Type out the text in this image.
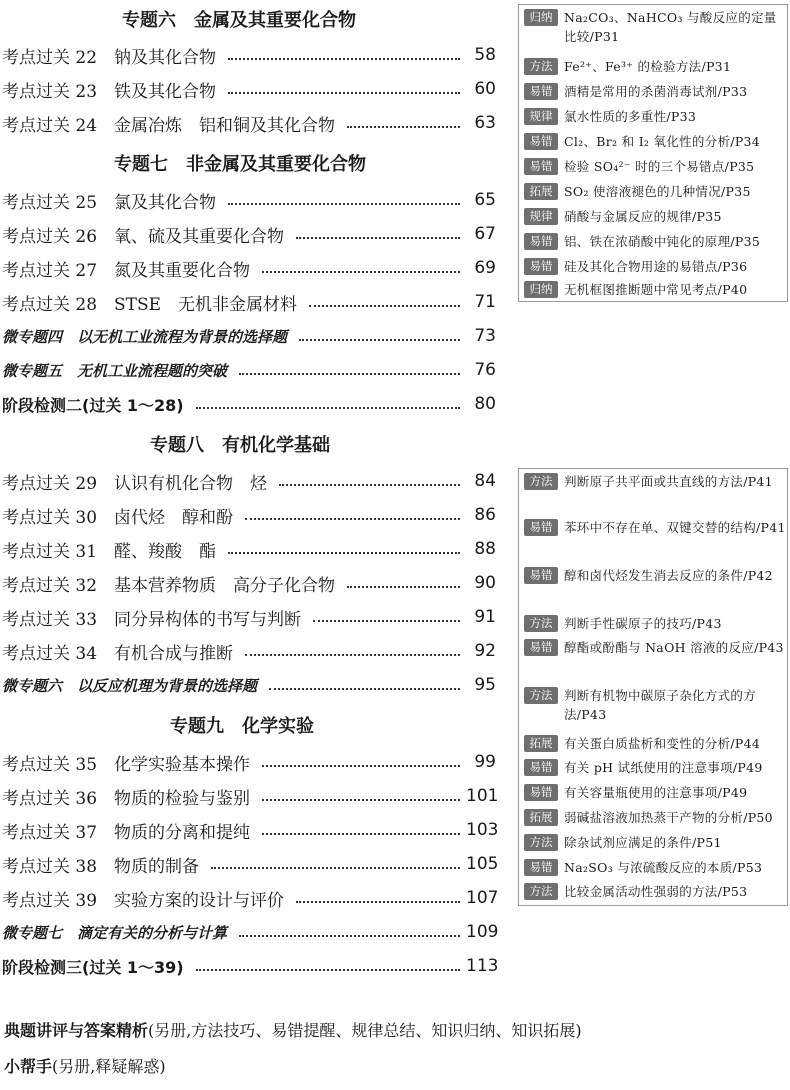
专题六　金属及其重要化合物
专题七　非金属及其重要化合物
专题八　有机化学基础
专题九　化学实验
考点过关 22 钠及其化合物	58
考点过关 23 铁及其化合物	60
考点过关 24 金属冶炼　铝和铜及其化合物	63
考点过关 25 氯及其化合物	65
考点过关 26 氧、硫及其重要化合物	67
考点过关 27 氮及其重要化合物	69
考点过关 28 STSE　无机非金属材料	71
微专题四　以无机工业流程为背景的选择题	73
微专题五　无机工业流程题的突破	76
阶段检测二(过关 1～28)	80
考点过关 29 认识有机化合物　烃	84
考点过关 30 卤代烃　醇和酚	86
考点过关 31 醛、羧酸　酯	88
考点过关 32 基本营养物质　高分子化合物	90
考点过关 33 同分异构体的书写与判断	91
考点过关 34 有机合成与推断	92
微专题六　以反应机理为背景的选择题	95
考点过关 35 化学实验基本操作	99
考点过关 36 物质的检验与鉴别	101
考点过关 37 物质的分离和提纯	103
考点过关 38 物质的制备	105
考点过关 39 实验方案的设计与评价	107
微专题七　滴定有关的分析与计算	109
阶段检测三(过关 1～39)	113
归纳 Na₂CO₃、NaHCO₃ 与酸反应的定量比较/P31
方法 Fe²⁺、Fe³⁺ 的检验方法/P31
易错 酒精是常用的杀菌消毒试剂/P33
规律 氯水性质的多重性/P33
易错 Cl₂、Br₂ 和 I₂ 氧化性的分析/P34
易错 检验 SO₄²⁻ 时的三个易错点/P35
拓展 SO₂ 使溶液褪色的几种情况/P35
规律 硝酸与金属反应的规律/P35
易错 铝、铁在浓硝酸中钝化的原理/P35
易错 硅及其化合物用途的易错点/P36
归纳 无机框图推断题中常见考点/P40
方法 判断原子共平面或共直线的方法/P41
易错 苯环中不存在单、双键交替的结构/P41
易错 醇和卤代烃发生消去反应的条件/P42
方法 判断手性碳原子的技巧/P43
易错 醇酯或酚酯与 NaOH 溶液的反应/P43
方法 判断有机物中碳原子杂化方式的方法/P43
拓展 有关蛋白质盐析和变性的分析/P44
易错 有关 pH 试纸使用的注意事项/P49
易错 有关容量瓶使用的注意事项/P49
拓展 弱碱盐溶液加热蒸干产物的分析/P50
方法 除杂试剂应满足的条件/P51
易错 Na₂SO₃ 与浓硫酸反应的本质/P53
方法 比较金属活动性强弱的方法/P53
典题讲评与答案精析(另册,方法技巧、易错提醒、规律总结、知识归纳、知识拓展)
小帮手(另册,释疑解惑)
